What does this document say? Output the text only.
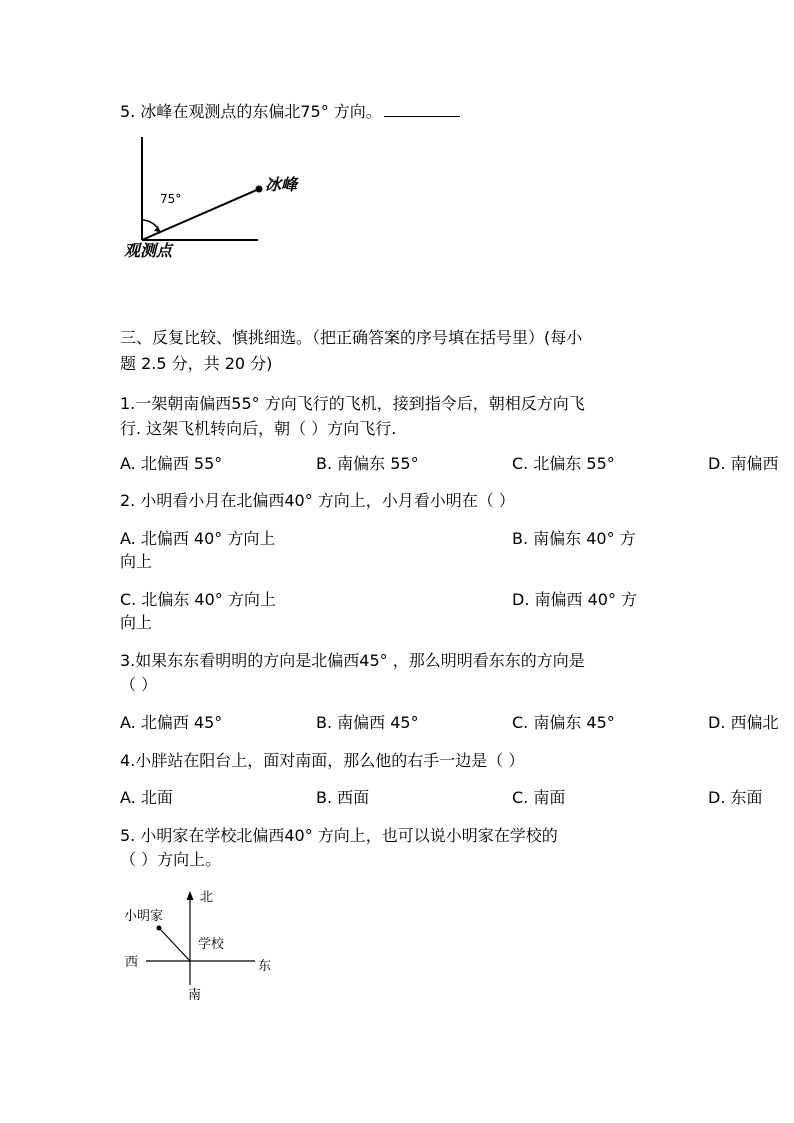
5. 冰峰在观测点的东偏北75° 方向。
75°
冰峰
观测点
三、反复比较、慎挑细选。（把正确答案的序号填在括号里）(每小
题 2.5 分，共 20 分)
1.一架朝南偏西55° 方向飞行的飞机，接到指令后，朝相反方向飞
行. 这架飞机转向后，朝（ ）方向飞行.
A. 北偏西 55°	B. 南偏东 55°	C. 北偏东 55°	D. 南偏西
2. 小明看小月在北偏西40° 方向上，小月看小明在（ ）
A. 北偏西 40° 方向上	B. 南偏东 40° 方
向上
C. 北偏东 40° 方向上	D. 南偏西 40° 方
向上
3.如果东东看明明的方向是北偏西45° ，那么明明看东东的方向是
（ ）
A. 北偏西 45°	B. 南偏西 45°	C. 南偏东 45°	D. 西偏北
4.小胖站在阳台上，面对南面，那么他的右手一边是（ ）
A. 北面	B. 西面	C. 南面	D. 东面
5. 小明家在学校北偏西40° 方向上，也可以说小明家在学校的
（ ）方向上。
北
南
东
西
小明家
学校
